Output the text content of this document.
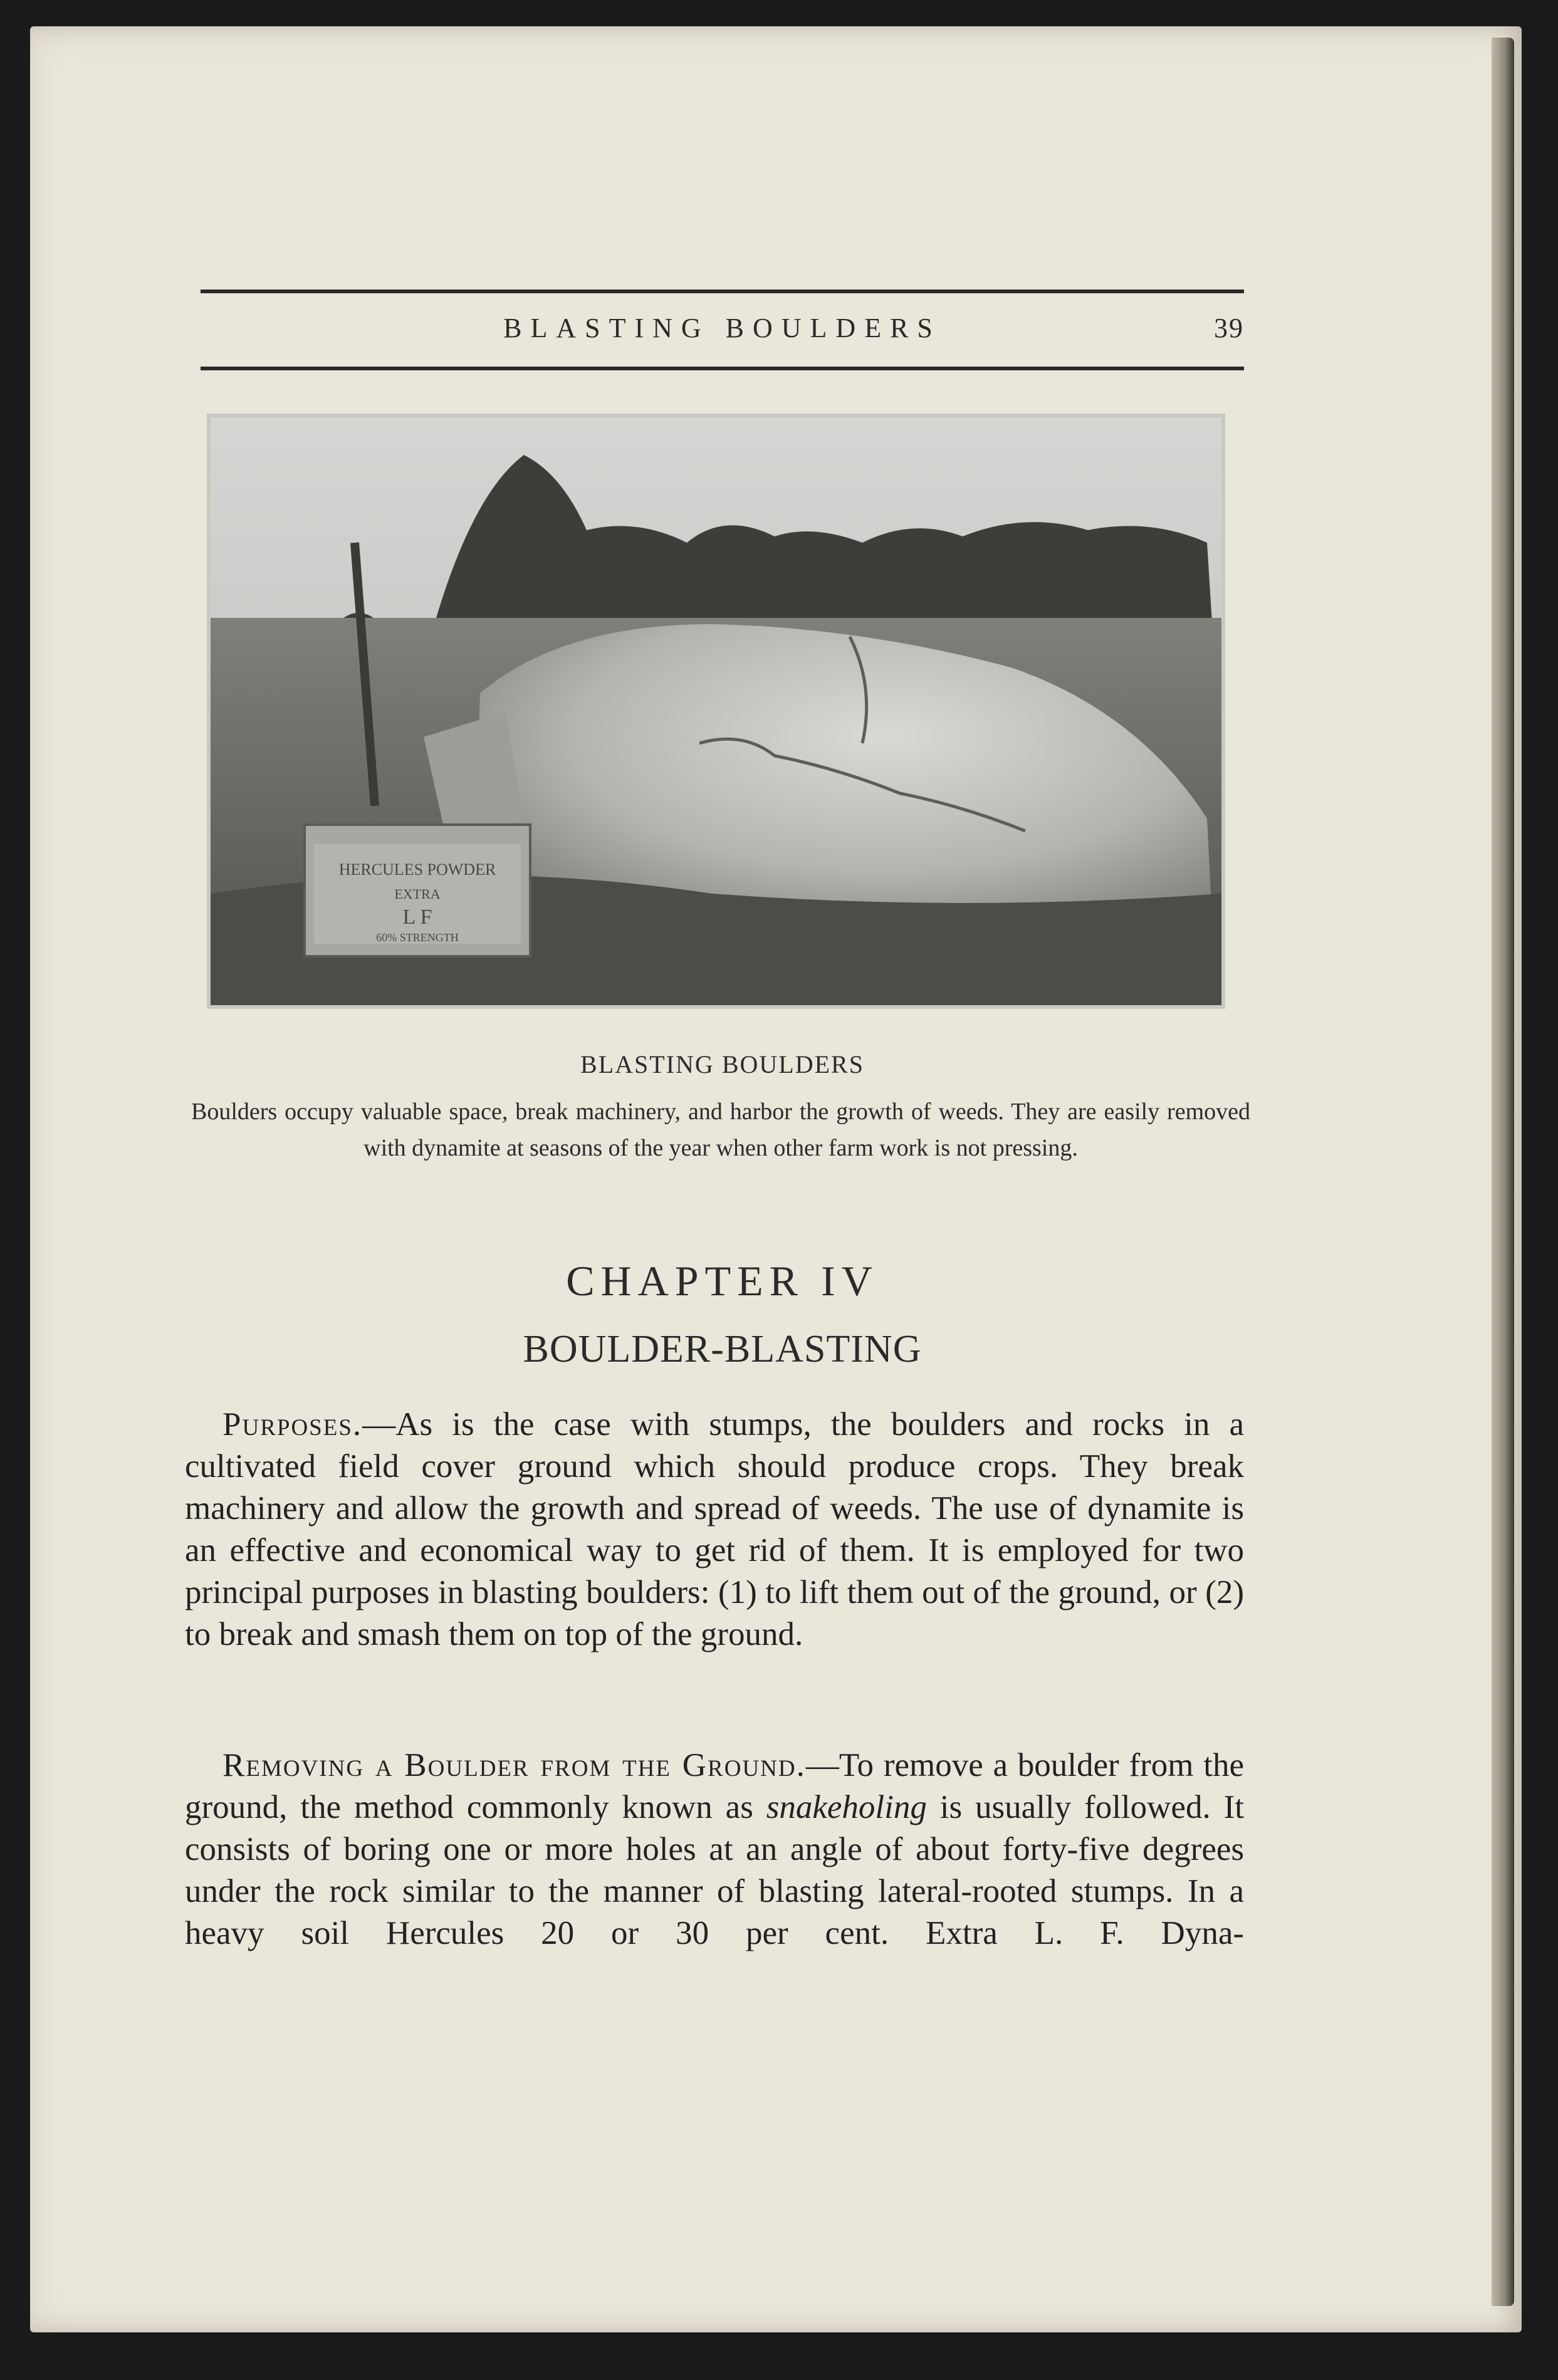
BLASTING BOULDERS	39
HERCULES POWDER
EXTRA
L F
60% STRENGTH
BLASTING BOULDERS
Boulders occupy valuable space, break machinery, and harbor the growth of weeds. They are easily removed with dynamite at seasons of the year when other farm work is not pressing.
CHAPTER IV
BOULDER-BLASTING
Purposes.—As is the case with stumps, the boulders and rocks in a cultivated field cover ground which should produce crops. They break machinery and allow the growth and spread of weeds. The use of dynamite is an effective and economical way to get rid of them. It is employed for two principal purposes in blasting boulders: (1) to lift them out of the ground, or (2) to break and smash them on top of the ground.
Removing a Boulder from the Ground.—To remove a boulder from the ground, the method commonly known as snakeholing is usually followed. It consists of boring one or more holes at an angle of about forty-five degrees under the rock similar to the manner of blasting lateral-rooted stumps. In a heavy soil Hercules 20 or 30 per cent. Extra L. F. Dyna-
